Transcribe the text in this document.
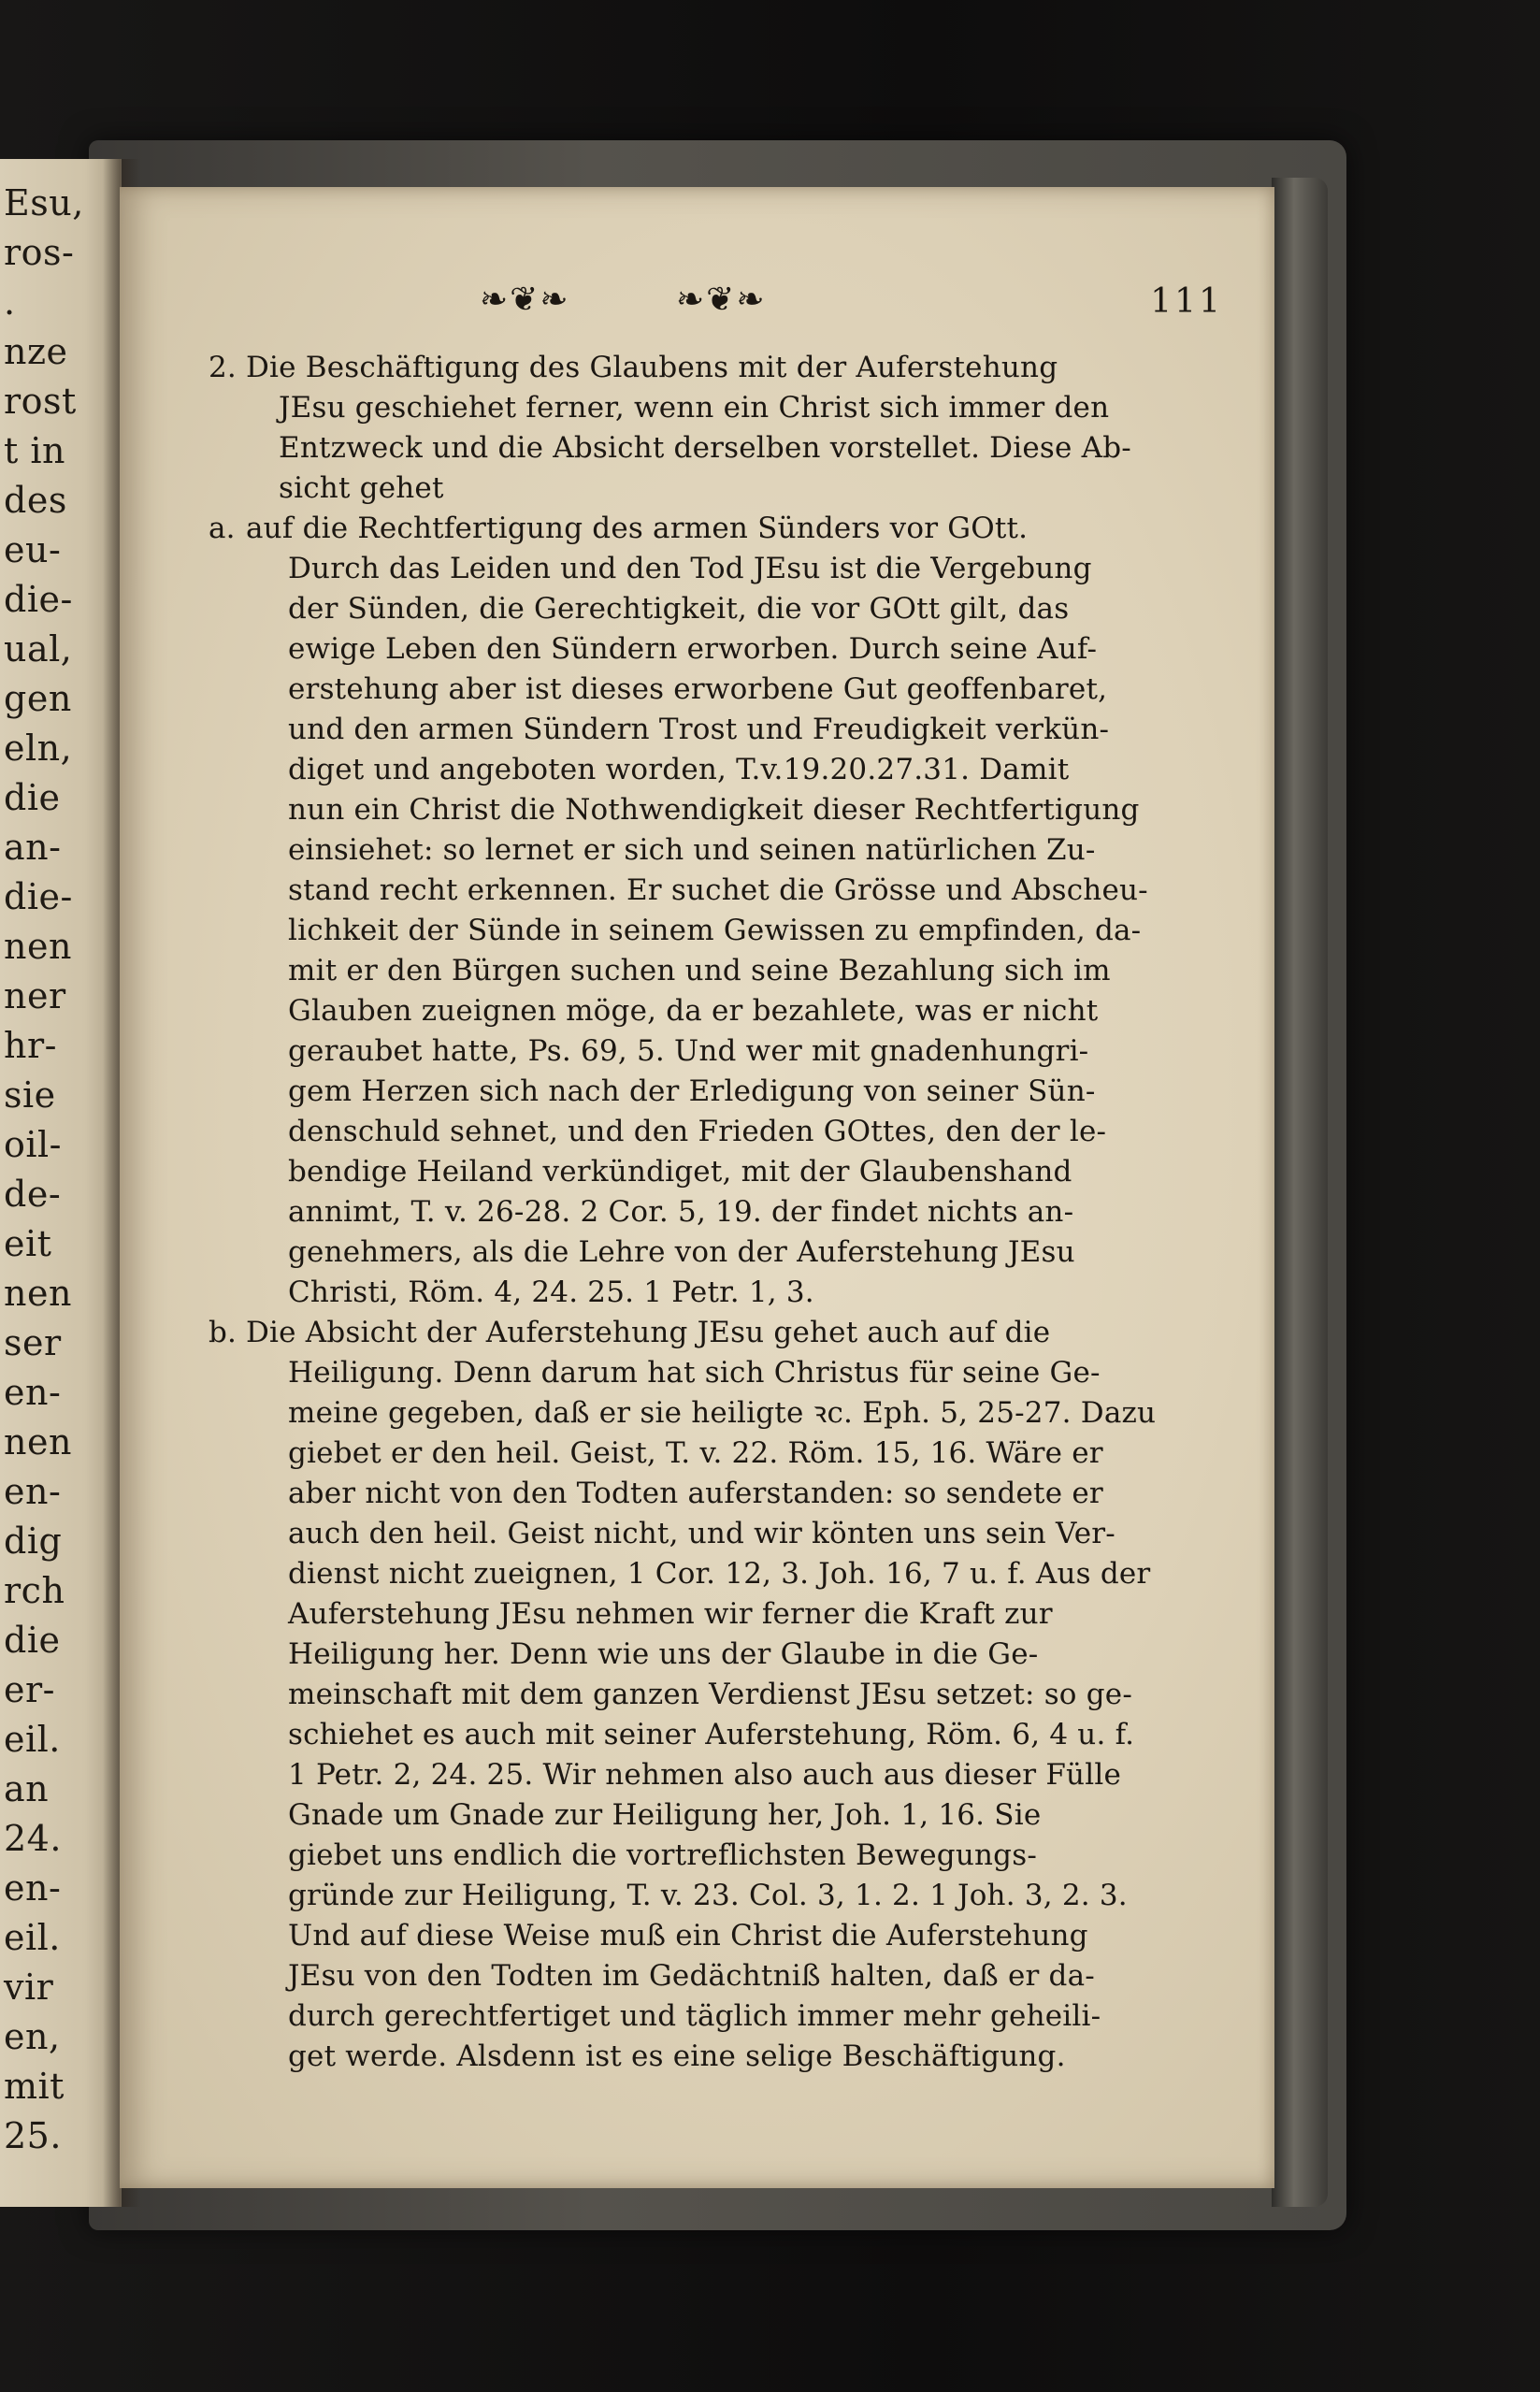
Esu,
ros-
.
nze
rost
t in
des
eu-
die-
ual,
gen
eln,
die
an-
die-
nen
ner
hr-
sie
oil-
de-
eit
nen
ser
en-
nen
en-
dig
rch
die
er-
eil.
an
24.
en-
eil.
vir
en,
mit
25.
❧❦❧	❧❦❧	111
2. Die Beschäftigung des Glaubens mit der Auferstehung
JEsu geschiehet ferner, wenn ein Christ sich immer den
Entzweck und die Absicht derselben vorstellet. Diese Ab-
sicht gehet
a. auf die Rechtfertigung des armen Sünders vor GOtt.
Durch das Leiden und den Tod JEsu ist die Vergebung
der Sünden, die Gerechtigkeit, die vor GOtt gilt, das
ewige Leben den Sündern erworben. Durch seine Auf-
erstehung aber ist dieses erworbene Gut geoffenbaret,
und den armen Sündern Trost und Freudigkeit verkün-
diget und angeboten worden, T.v.19.20.27.31. Damit
nun ein Christ die Nothwendigkeit dieser Rechtfertigung
einsiehet: so lernet er sich und seinen natürlichen Zu-
stand recht erkennen. Er suchet die Grösse und Abscheu-
lichkeit der Sünde in seinem Gewissen zu empfinden, da-
mit er den Bürgen suchen und seine Bezahlung sich im
Glauben zueignen möge, da er bezahlete, was er nicht
geraubet hatte, Ps. 69, 5. Und wer mit gnadenhungri-
gem Herzen sich nach der Erledigung von seiner Sün-
denschuld sehnet, und den Frieden GOttes, den der le-
bendige Heiland verkündiget, mit der Glaubenshand
annimt, T. v. 26-28. 2 Cor. 5, 19. der findet nichts an-
genehmers, als die Lehre von der Auferstehung JEsu
Christi, Röm. 4, 24. 25. 1 Petr. 1, 3.
b. Die Absicht der Auferstehung JEsu gehet auch auf die
Heiligung. Denn darum hat sich Christus für seine Ge-
meine gegeben, daß er sie heiligte ꝛc. Eph. 5, 25-27. Dazu
giebet er den heil. Geist, T. v. 22. Röm. 15, 16. Wäre er
aber nicht von den Todten auferstanden: so sendete er
auch den heil. Geist nicht, und wir könten uns sein Ver-
dienst nicht zueignen, 1 Cor. 12, 3. Joh. 16, 7 u. f. Aus der
Auferstehung JEsu nehmen wir ferner die Kraft zur
Heiligung her. Denn wie uns der Glaube in die Ge-
meinschaft mit dem ganzen Verdienst JEsu setzet: so ge-
schiehet es auch mit seiner Auferstehung, Röm. 6, 4 u. f.
1 Petr. 2, 24. 25. Wir nehmen also auch aus dieser Fülle
Gnade um Gnade zur Heiligung her, Joh. 1, 16. Sie
giebet uns endlich die vortreflichsten Bewegungs-
gründe zur Heiligung, T. v. 23. Col. 3, 1. 2. 1 Joh. 3, 2. 3.
Und auf diese Weise muß ein Christ die Auferstehung
JEsu von den Todten im Gedächtniß halten, daß er da-
durch gerechtfertiget und täglich immer mehr geheili-
get werde. Alsdenn ist es eine selige Beschäftigung.
